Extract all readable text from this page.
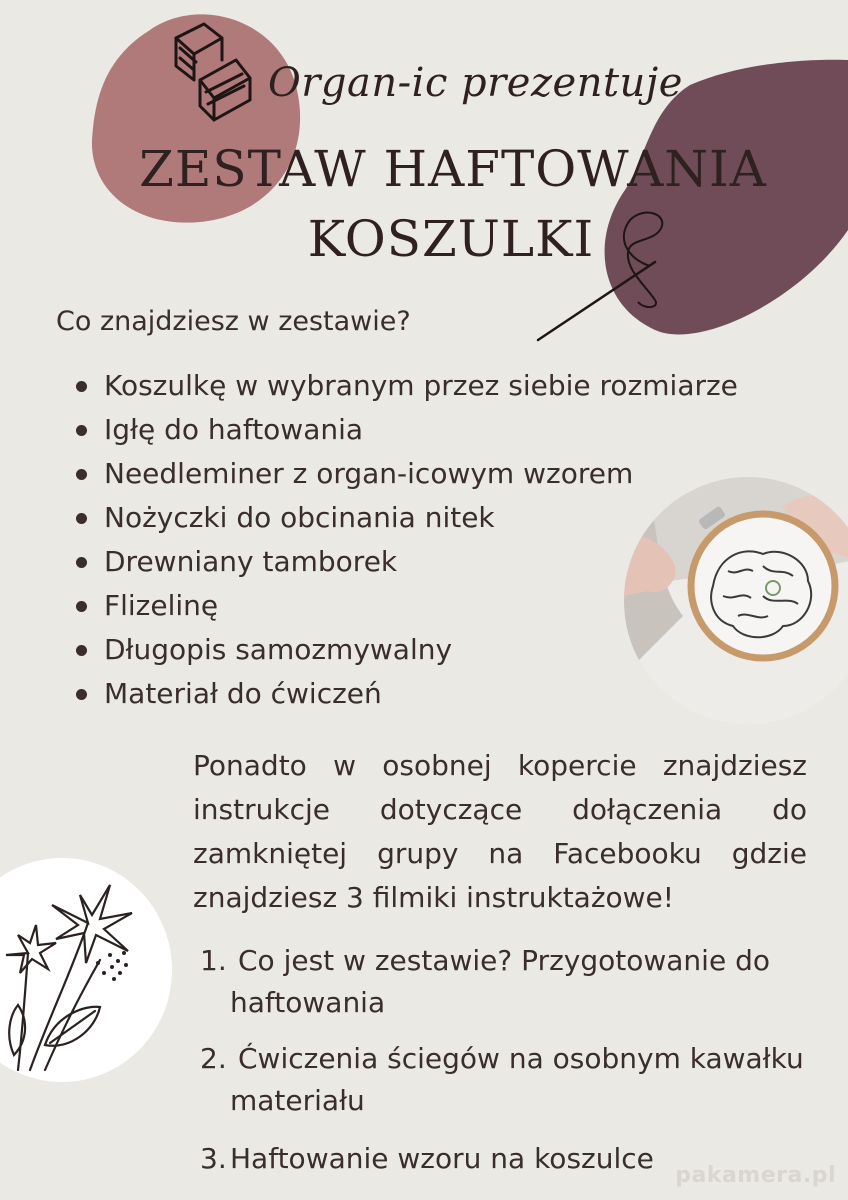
Organ-ic prezentuje
ZESTAW HAFTOWANIA
KOSZULKI
Co znajdziesz w zestawie?
Koszulkę w wybranym przez siebie rozmiarze
Igłę do haftowania
Needleminer z organ-icowym wzorem
Nożyczki do obcinania nitek
Drewniany tamborek
Flizelinę
Długopis samozmywalny
Materiał do ćwiczeń
Ponadto w osobnej kopercie znajdziesz instrukcje dotyczące dołączenia do zamkniętej grupy na Facebooku gdzie znajdziesz 3 filmiki instruktażowe!
1. Co jest w zestawie? Przygotowanie do haftowania
2. Ćwiczenia ściegów na osobnym kawałku materiału
3. Haftowanie wzoru na koszulce
pakamera.pl
